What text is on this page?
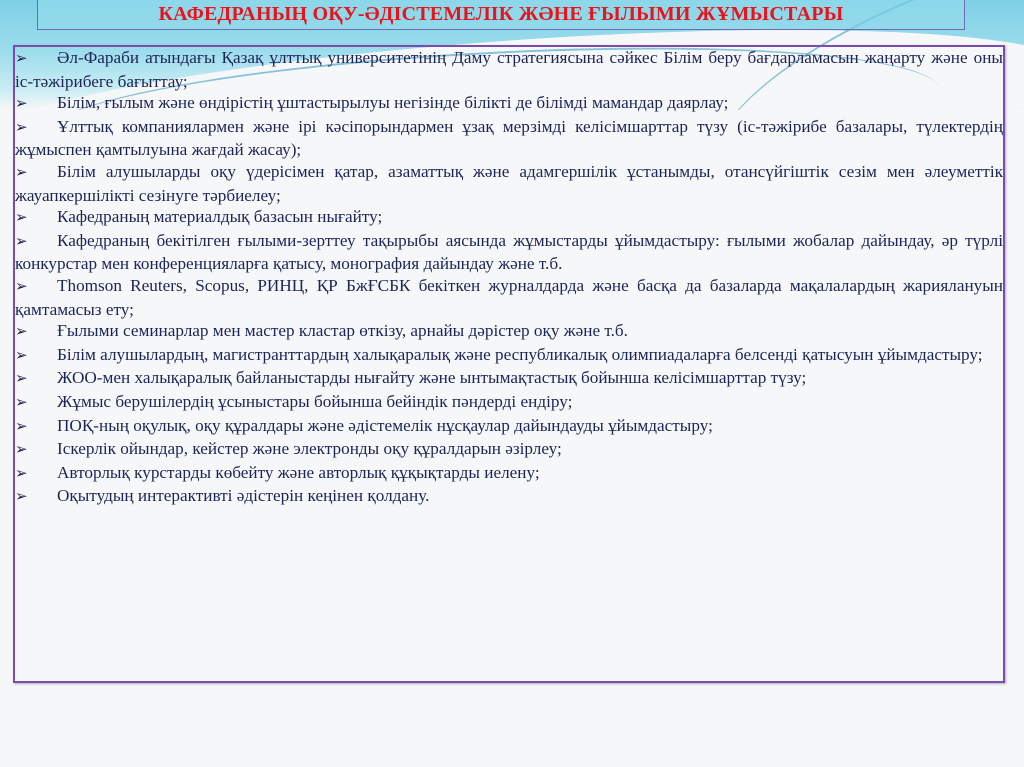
КАФЕДРАНЫҢ ОҚУ-ӘДІСТЕМЕЛІК ЖӘНЕ ҒЫЛЫМИ ЖҰМЫСТАРЫ
➢ Әл-Фараби атындағы Қазақ ұлттық университетінің Даму стратегиясына сәйкес Білім беру бағдарламасын жаңарту және оны іс-тәжірибеге бағыттау;
➢ Білім, ғылым және өндірістің ұштастырылуы негізінде білікті де білімді мамандар даярлау;
➢ Ұлттық компаниялармен және ірі кәсіпорындармен ұзақ мерзімді келісімшарттар түзу (іс-тәжірибе базалары, түлектердің жұмыспен қамтылуына жағдай жасау);
➢ Білім алушыларды оқу үдерісімен қатар, азаматтық және адамгершілік ұстанымды, отансүйгіштік сезім мен әлеуметтік жауапкершілікті сезінуге тәрбиелеу;
➢ Кафедраның материалдық базасын нығайту;
➢ Кафедраның бекітілген ғылыми-зерттеу тақырыбы аясында жұмыстарды ұйымдастыру: ғылыми жобалар дайындау, әр түрлі конкурстар мен конференцияларға қатысу, монография дайындау және т.б.
➢ Thomson Reuters, Scopus, РИНЦ, ҚР БжҒСБК бекіткен журналдарда және басқа да базаларда мақалалардың жариялануын қамтамасыз ету;
➢ Ғылыми семинарлар мен мастер кластар өткізу, арнайы дәрістер оқу және т.б.
➢ Білім алушылардың, магистранттардың халықаралық және республикалық олимпиадаларға белсенді қатысуын ұйымдастыру;
➢ ЖОО-мен халықаралық байланыстарды нығайту және ынтымақтастық бойынша келісімшарттар түзу;
➢ Жұмыс берушілердің ұсыныстары бойынша бейіндік пәндерді ендіру;
➢ ПОҚ-ның оқулық, оқу құралдары және әдістемелік нұсқаулар дайындауды ұйымдастыру;
➢ Іскерлік ойындар, кейстер және электронды оқу құралдарын әзірлеу;
➢ Авторлық курстарды көбейту және авторлық құқықтарды иелену;
➢ Оқытудың интерактивті әдістерін кеңінен қолдану.
